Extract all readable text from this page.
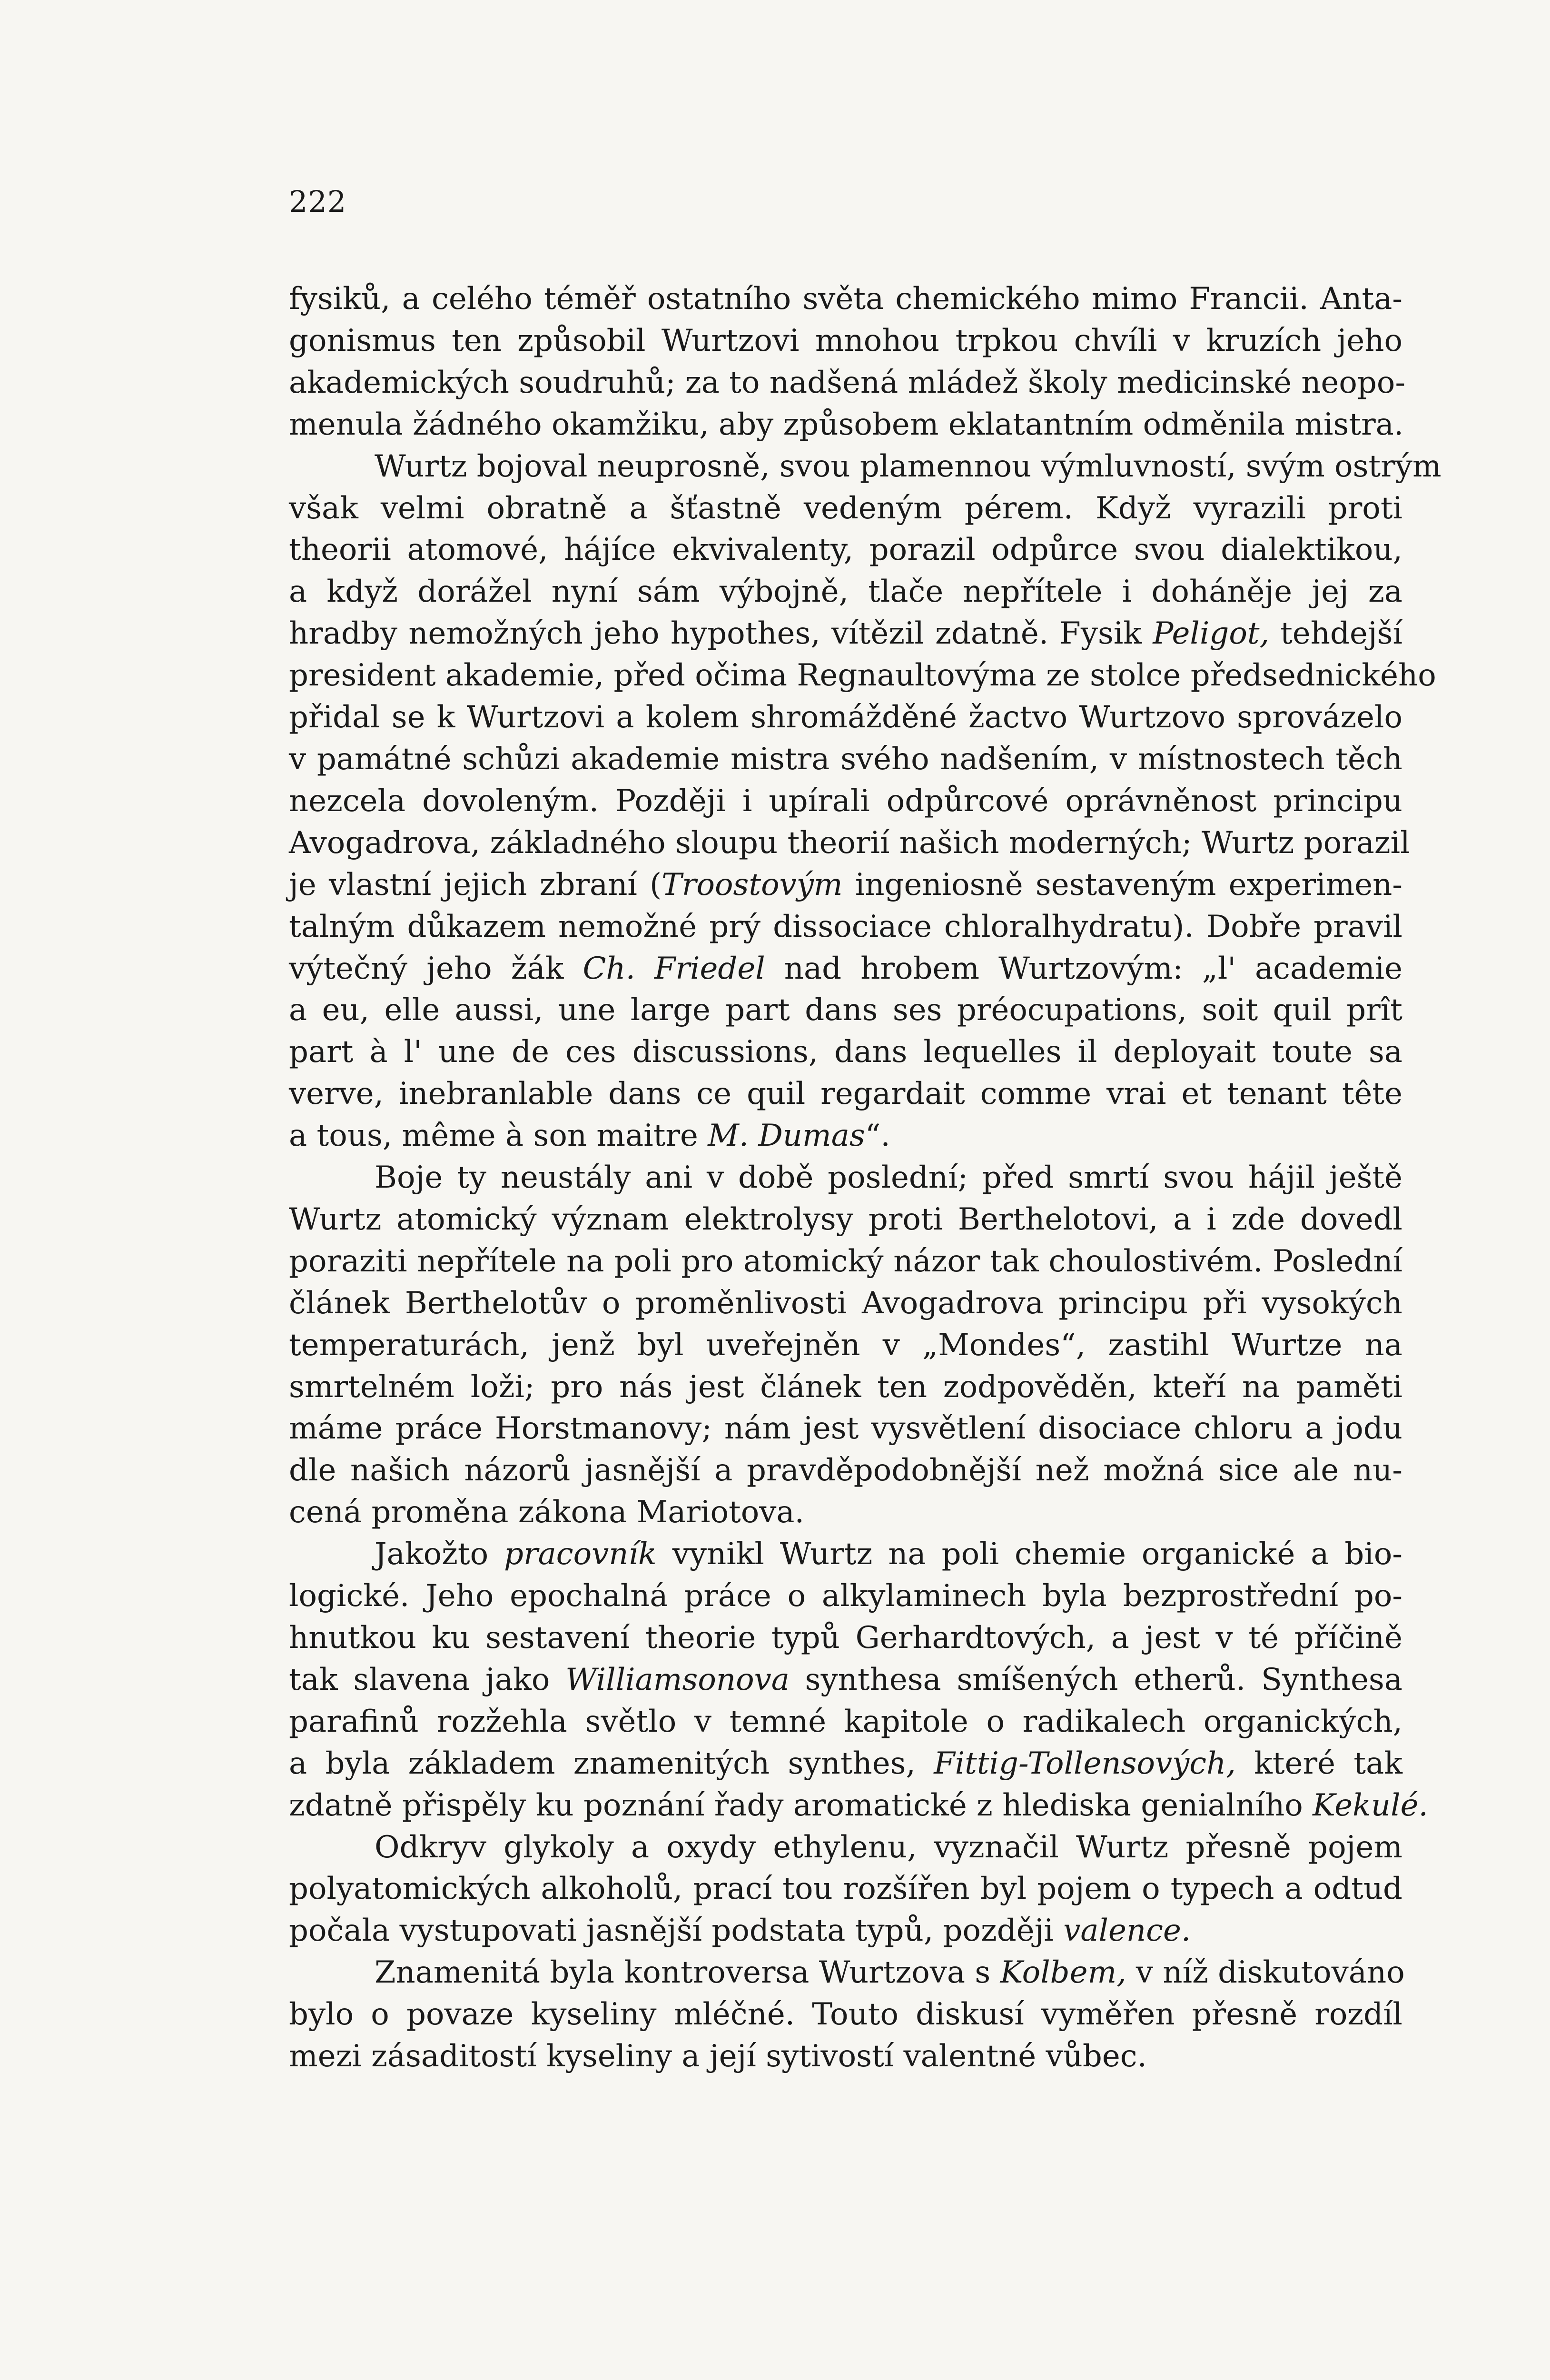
222
fysiků, a celého téměř ostatního světa chemického mimo Francii. Anta-
gonismus ten způsobil Wurtzovi mnohou trpkou chvíli v kruzích jeho
akademických soudruhů; za to nadšená mládež školy medicinské neopo-
menula žádného okamžiku, aby způsobem eklatantním odměnila mistra.
Wurtz bojoval neuprosně, svou plamennou výmluvností, svým ostrým
však velmi obratně a šťastně vedeným pérem. Když vyrazili proti
theorii atomové, hájíce ekvivalenty, porazil odpůrce svou dialektikou,
a když dorážel nyní sám výbojně, tlače nepřítele i doháněje jej za
hradby nemožných jeho hypothes, vítězil zdatně. Fysik Peligot, tehdejší
president akademie, před očima Regnaultovýma ze stolce předsednického
přidal se k Wurtzovi a kolem shromážděné žactvo Wurtzovo sprovázelo
v památné schůzi akademie mistra svého nadšením, v místnostech těch
nezcela dovoleným. Později i upírali odpůrcové oprávněnost principu
Avogadrova, základného sloupu theorií našich moderných; Wurtz porazil
je vlastní jejich zbraní (Troostovým ingeniosně sestaveným experimen-
talným důkazem nemožné prý dissociace chloralhydratu). Dobře pravil
výtečný jeho žák Ch. Friedel nad hrobem Wurtzovým: „l' academie
a eu, elle aussi, une large part dans ses préocupations, soit quil prît
part à l' une de ces discussions, dans lequelles il deployait toute sa
verve, inebranlable dans ce quil regardait comme vrai et tenant tête
a tous, même à son maitre M. Dumas“.
Boje ty neustály ani v době poslední; před smrtí svou hájil ještě
Wurtz atomický význam elektrolysy proti Berthelotovi, a i zde dovedl
poraziti nepřítele na poli pro atomický názor tak choulostivém. Poslední
článek Berthelotův o proměnlivosti Avogadrova principu při vysokých
temperaturách, jenž byl uveřejněn v „Mondes“, zastihl Wurtze na
smrtelném loži; pro nás jest článek ten zodpověděn, kteří na paměti
máme práce Horstmanovy; nám jest vysvětlení disociace chloru a jodu
dle našich názorů jasnější a pravděpodobnější než možná sice ale nu-
cená proměna zákona Mariotova.
Jakožto pracovník vynikl Wurtz na poli chemie organické a bio-
logické. Jeho epochalná práce o alkylaminech byla bezprostřední po-
hnutkou ku sestavení theorie typů Gerhardtových, a jest v té příčině
tak slavena jako Williamsonova synthesa smíšených etherů. Synthesa
parafinů rozžehla světlo v temné kapitole o radikalech organických,
a byla základem znamenitých synthes, Fittig-Tollensových, které tak
zdatně přispěly ku poznání řady aromatické z hlediska genialního Kekulé.
Odkryv glykoly a oxydy ethylenu, vyznačil Wurtz přesně pojem
polyatomických alkoholů, prací tou rozšířen byl pojem o typech a odtud
počala vystupovati jasnější podstata typů, později valence.
Znamenitá byla kontroversa Wurtzova s Kolbem, v níž diskutováno
bylo o povaze kyseliny mléčné. Touto diskusí vyměřen přesně rozdíl
mezi zásaditostí kyseliny a její sytivostí valentné vůbec.
